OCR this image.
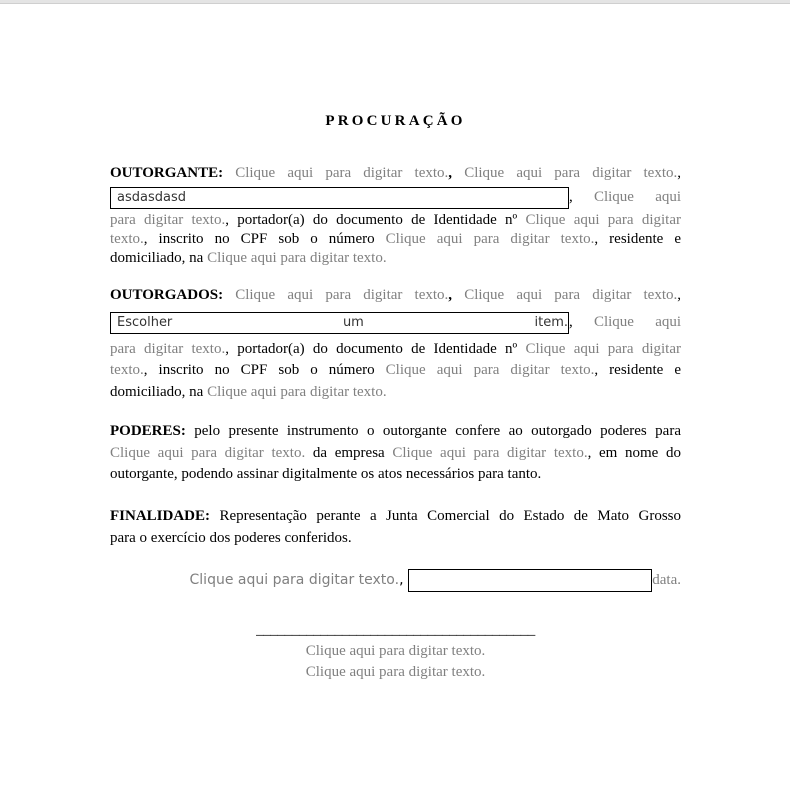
PROCURAÇÃO
OUTORGANTE: Clique aqui para digitar texto., Clique aqui para digitar texto.,
asdasdasd	, Clique aqui
para digitar texto., portador(a) do documento de Identidade nº Clique aqui para digitar
texto., inscrito no CPF sob o número Clique aqui para digitar texto., residente e
domiciliado, na Clique aqui para digitar texto.
OUTORGADOS: Clique aqui para digitar texto., Clique aqui para digitar texto.,
Escolher um item., Clique aqui
para digitar texto., portador(a) do documento de Identidade nº Clique aqui para digitar
texto., inscrito no CPF sob o número Clique aqui para digitar texto., residente e
domiciliado, na Clique aqui para digitar texto.
PODERES: pelo presente instrumento o outorgante confere ao outorgado poderes para
Clique aqui para digitar texto. da empresa Clique aqui para digitar texto., em nome do
outorgante, podendo assinar digitalmente os atos necessários para tanto.
FINALIDADE: Representação perante a Junta Comercial do Estado de Mato Grosso
para o exercício dos poderes conferidos.
Clique aqui para digitar texto.,	data.
_______________________________________
Clique aqui para digitar texto.
Clique aqui para digitar texto.
